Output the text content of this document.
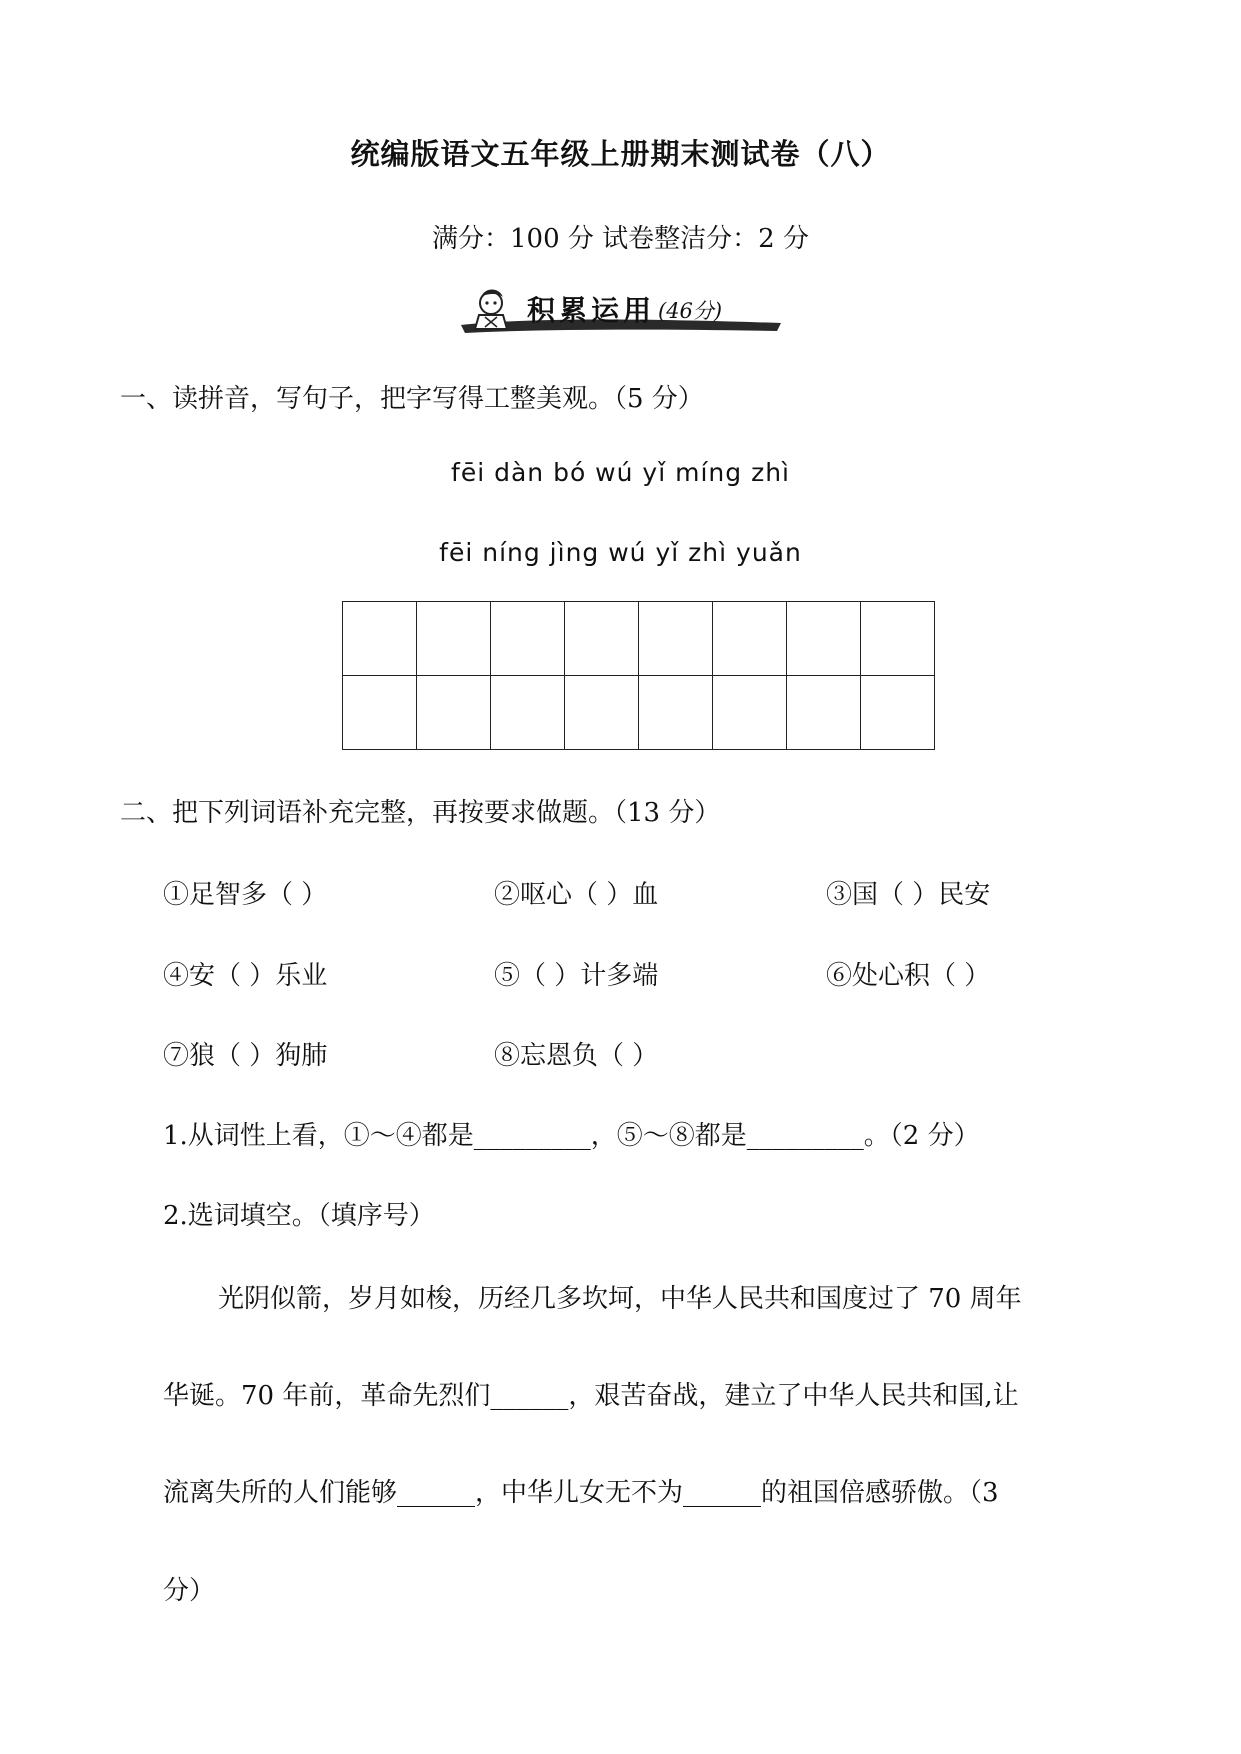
统编版语文五年级上册期末测试卷（八）
满分：100 分 试卷整洁分：2 分
积累运用 (46分)
一、读拼音，写句子，把字写得工整美观。（5 分）
fēi dàn bó wú yǐ míng zhì
fēi níng jìng wú yǐ zhì yuǎn
二、把下列词语补充完整，再按要求做题。（13 分）
①足智多（ ）	②呕心（ ）血	③国（ ）民安
④安（ ）乐业	⑤（ ）计多端	⑥处心积（ ）
⑦狼（ ）狗肺	⑧忘恩负（ ）
1.从词性上看，①～④都是_________，⑤～⑧都是_________。（2 分）
2.选词填空。（填序号）
光阴似箭，岁月如梭，历经几多坎坷，中华人民共和国度过了 70 周年
华诞。70 年前，革命先烈们______，艰苦奋战，建立了中华人民共和国,让
流离失所的人们能够______，中华儿女无不为______的祖国倍感骄傲。（3
分）
